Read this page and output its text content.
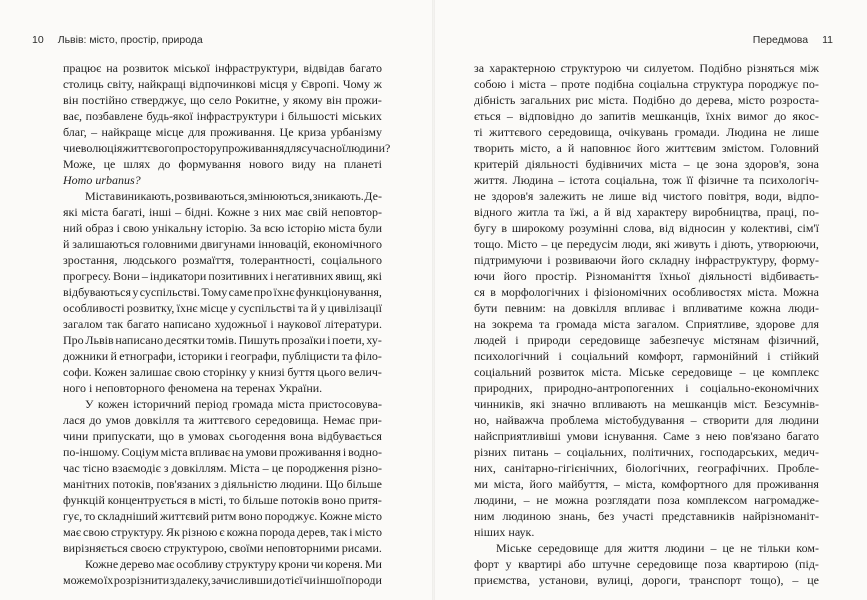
10 Львів: місто, простір, природа
працює на розвиток міської інфраструктури, відвідав багато
столиць світу, найкращі відпочинкові місця у Європі. Чому ж
він постійно стверджує, що село Рокитне, у якому він прожи-
ває, позбавлене будь-якої інфраструктури і більшості міських
благ, – найкраще місце для проживання. Це криза урбанізму
чи еволюція життєвого простору проживання для сучасної людини?
Може, це шлях до формування нового виду на планеті
Homo urbanus?
Міста виникають, розвиваються, змінюються, зникають. Де-
які міста багаті, інші – бідні. Кожне з них має свій неповтор-
ний образ і свою унікальну історію. За всю історію міста були
й залишаються головними двигунами інновацій, економічного
зростання, людського розмаїття, толерантності, соціального
прогресу. Вони – індикатори позитивних і негативних явищ, які
відбуваються у суспільстві. Тому саме про їхнє функціонування,
особливості розвитку, їхнє місце у суспільстві та й у цивілізації
загалом так багато написано художньої і наукової літератури.
Про Львів написано десятки томів. Пишуть прозаїки і поети, ху-
дожники й етнографи, історики і географи, публіцисти та філо-
софи. Кожен залишає свою сторінку у книзі буття цього велич-
ного і неповторного феномена на теренах України.
У кожен історичний період громада міста пристосовува-
лася до умов довкілля та життєвого середовища. Немає при-
чини припускати, що в умовах сьогодення вона відбувається
по-іншому. Соціум міста впливає на умови проживання і водно-
час тісно взаємодіє з довкіллям. Міста – це породження різно-
манітних потоків, пов'язаних з діяльністю людини. Що більше
функцій концентрується в місті, то більше потоків воно притя-
гує, то складніший життєвий ритм воно породжує. Кожне місто
має свою структуру. Як різною є кожна порода дерев, так і місто
вирізняється своєю структурою, своїми неповторними рисами.
Кожне дерево має особливу структуру крони чи кореня. Ми
можемо їх розрізнити здалеку, зачисливши до тієї чи іншої породи
Передмова 11
за характерною структурою чи силуетом. Подібно різняться між
собою і міста – проте подібна соціальна структура породжує по-
дібність загальних рис міста. Подібно до дерева, місто розроста-
ється – відповідно до запитів мешканців, їхніх вимог до якос-
ті життєвого середовища, очікувань громади. Людина не лише
творить місто, а й наповнює його життєвим змістом. Головний
критерій діяльності будівничих міста – це зона здоров'я, зона
життя. Людина – істота соціальна, тож її фізичне та психологіч-
не здоров'я залежить не лише від чистого повітря, води, відпо-
відного житла та їжі, а й від характеру виробництва, праці, по-
бугу в широкому розумінні слова, від відносин у колективі, сім'ї
тощо. Місто – це передусім люди, які живуть і діють, утворюючи,
підтримуючи і розвиваючи його складну інфраструктуру, форму-
ючи його простір. Різноманіття їхньої діяльності відбиваєть-
ся в морфологічних і фізіономічних особливостях міста. Можна
бути певним: на довкілля впливає і впливатиме кожна люди-
на зокрема та громада міста загалом. Сприятливе, здорове для
людей і природи середовище забезпечує містянам фізичний,
психологічний і соціальний комфорт, гармонійний і стійкий
соціальний розвиток міста. Міське середовище – це комплекс
природних, природно-антропогенних і соціально-економічних
чинників, які значно впливають на мешканців міст. Безсумнів-
но, найважча проблема містобудування – створити для людини
найсприятливіші умови існування. Саме з нею пов'язано багато
різних питань – соціальних, політичних, господарських, медич-
них, санітарно-гігієнічних, біологічних, географічних. Пробле-
ми міста, його майбуття, – міста, комфортного для проживання
людини, – не можна розглядати поза комплексом нагромадже-
ним людиною знань, без участі представників найрізноманіт-
ніших наук.
Міське середовище для життя людини – це не тільки ком-
форт у квартирі або штучне середовище поза квартирою (під-
приємства, установи, вулиці, дороги, транспорт тощо), – це
